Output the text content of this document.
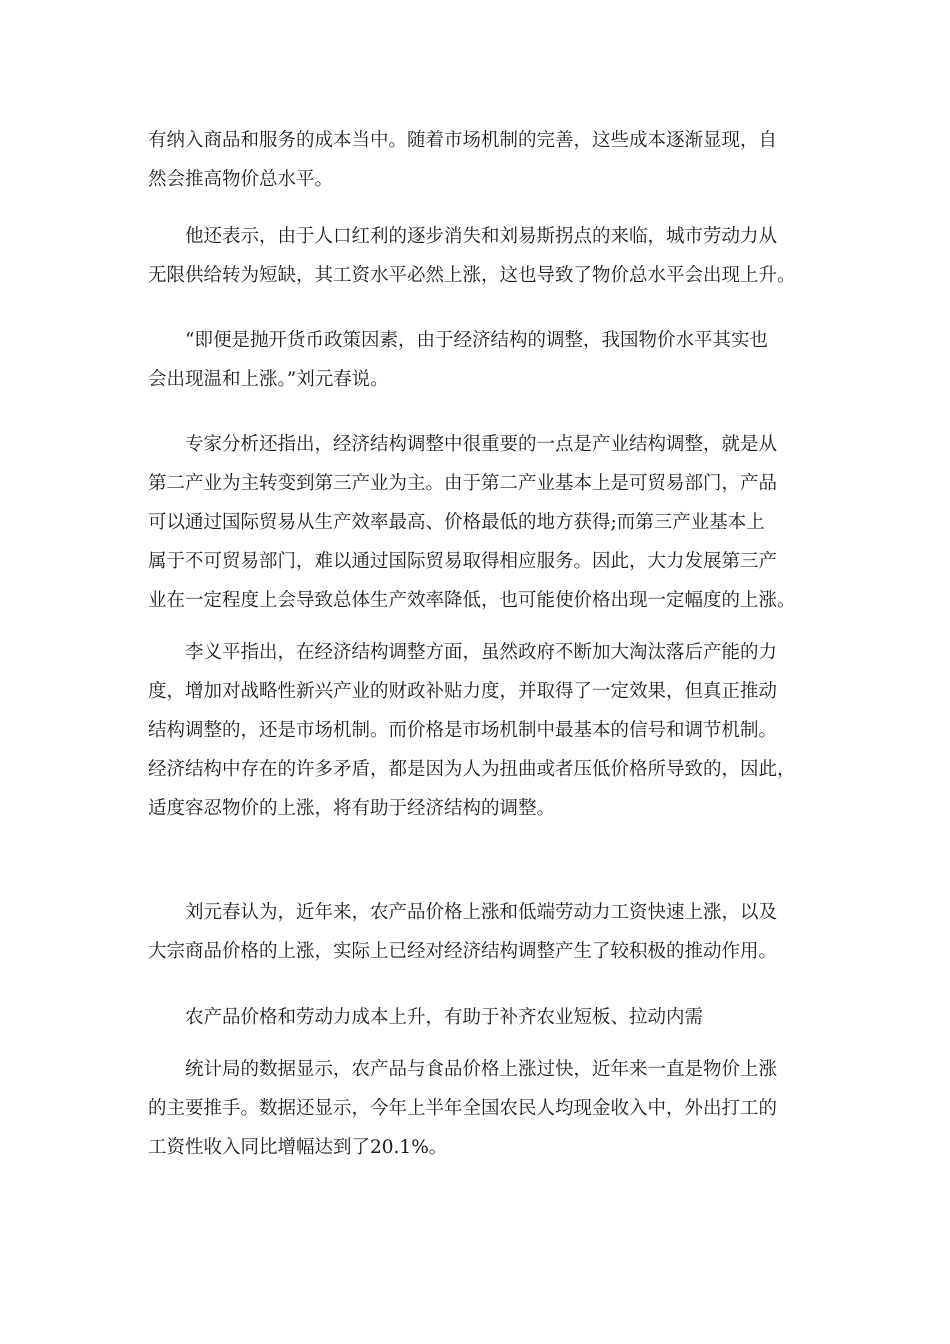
有纳入商品和服务的成本当中。随着市场机制的完善，这些成本逐渐显现，自
然会推高物价总水平。
他还表示，由于人口红利的逐步消失和刘易斯拐点的来临，城市劳动力从
无限供给转为短缺，其工资水平必然上涨，这也导致了物价总水平会出现上升。
“即便是抛开货币政策因素，由于经济结构的调整，我国物价水平其实也
会出现温和上涨。”刘元春说。
专家分析还指出，经济结构调整中很重要的一点是产业结构调整，就是从
第二产业为主转变到第三产业为主。由于第二产业基本上是可贸易部门，产品
可以通过国际贸易从生产效率最高、价格最低的地方获得;而第三产业基本上
属于不可贸易部门，难以通过国际贸易取得相应服务。因此，大力发展第三产
业在一定程度上会导致总体生产效率降低，也可能使价格出现一定幅度的上涨。
李义平指出，在经济结构调整方面，虽然政府不断加大淘汰落后产能的力
度，增加对战略性新兴产业的财政补贴力度，并取得了一定效果，但真正推动
结构调整的，还是市场机制。而价格是市场机制中最基本的信号和调节机制。
经济结构中存在的许多矛盾，都是因为人为扭曲或者压低价格所导致的，因此，
适度容忍物价的上涨，将有助于经济结构的调整。
刘元春认为，近年来，农产品价格上涨和低端劳动力工资快速上涨，以及
大宗商品价格的上涨，实际上已经对经济结构调整产生了较积极的推动作用。
农产品价格和劳动力成本上升，有助于补齐农业短板、拉动内需
统计局的数据显示，农产品与食品价格上涨过快，近年来一直是物价上涨
的主要推手。数据还显示，今年上半年全国农民人均现金收入中，外出打工的
工资性收入同比增幅达到了20.1%。
